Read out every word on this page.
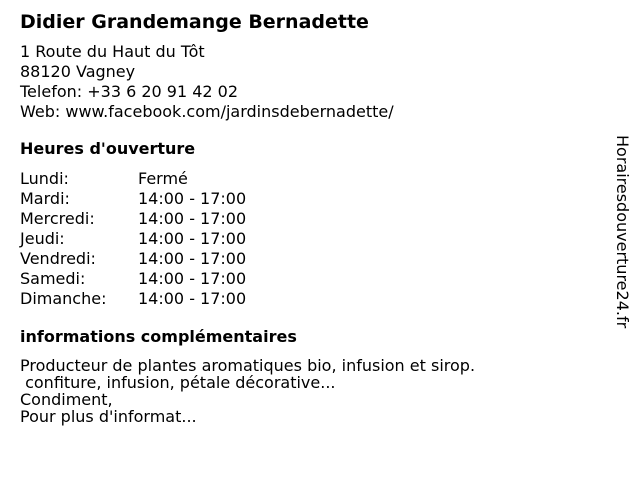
Didier Grandemange Bernadette
1 Route du Haut du Tôt
88120 Vagney
Telefon: +33 6 20 91 42 02
Web: www.facebook.com/jardinsdebernadette/
Heures d'ouverture
Lundi:	Fermé
Mardi:	14:00 - 17:00
Mercredi:	14:00 - 17:00
Jeudi:	14:00 - 17:00
Vendredi:	14:00 - 17:00
Samedi:	14:00 - 17:00
Dimanche:	14:00 - 17:00
informations complémentaires
Producteur de plantes aromatiques bio, infusion et sirop.
confiture, infusion, pétale décorative...
Condiment,
Pour plus d'informat...
Horairesdouverture24.fr
